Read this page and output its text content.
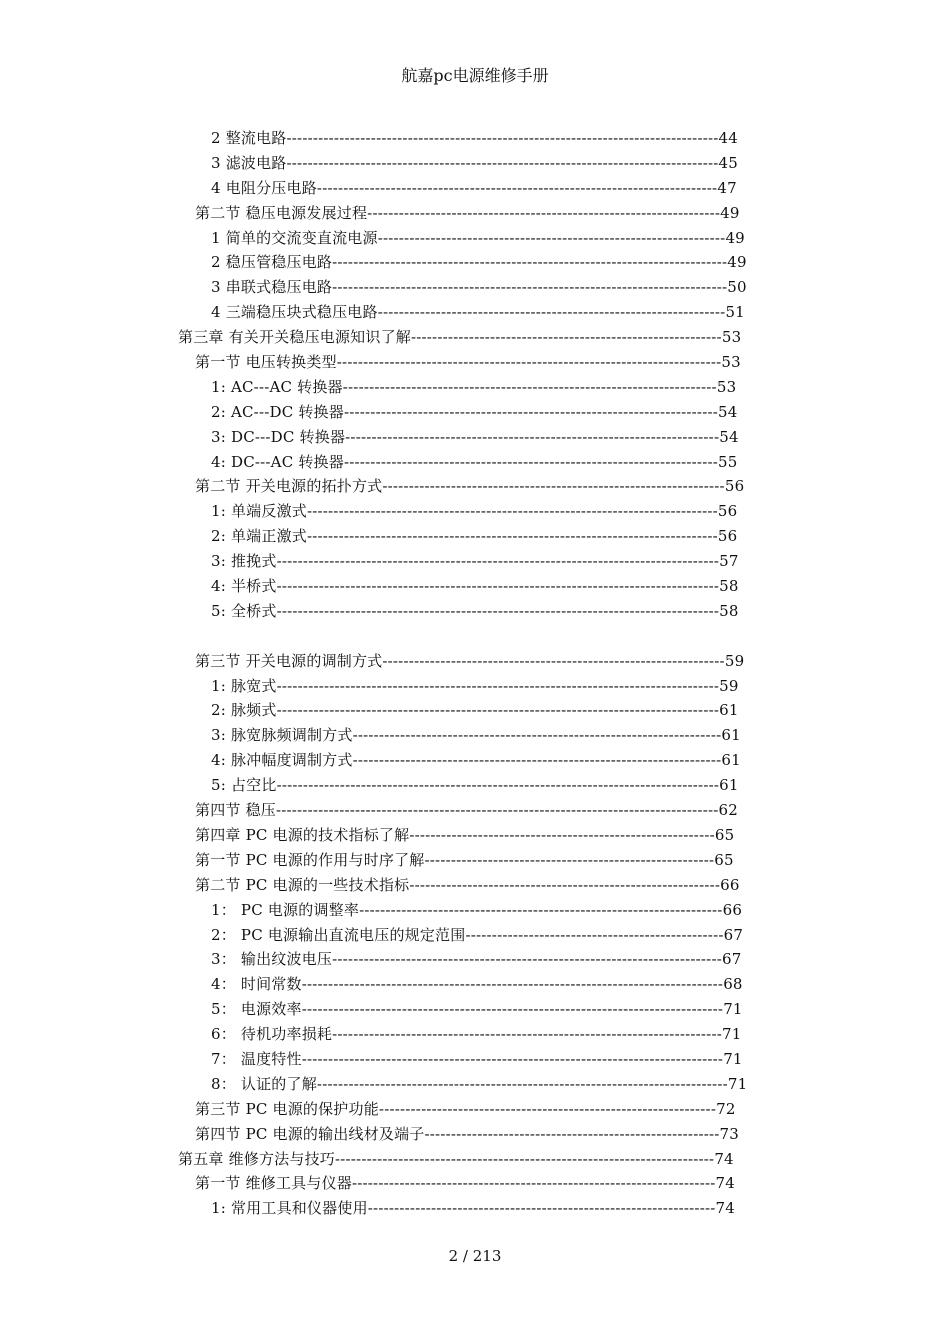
航嘉pc电源维修手册
2 整流电路----------------------------------------------------------------------------------44
3 滤波电路----------------------------------------------------------------------------------45
4 电阻分压电路----------------------------------------------------------------------------47
第二节 稳压电源发展过程-------------------------------------------------------------------49
1 简单的交流变直流电源------------------------------------------------------------------49
2 稳压管稳压电路---------------------------------------------------------------------------49
3 串联式稳压电路---------------------------------------------------------------------------50
4 三端稳压块式稳压电路------------------------------------------------------------------51
第三章 有关开关稳压电源知识了解-----------------------------------------------------------53
第一节 电压转换类型-------------------------------------------------------------------------53
1: AC---AC 转换器-----------------------------------------------------------------------53
2: AC---DC 转换器-----------------------------------------------------------------------54
3: DC---DC 转换器-----------------------------------------------------------------------54
4: DC---AC 转换器-----------------------------------------------------------------------55
第二节 开关电源的拓扑方式-----------------------------------------------------------------56
1: 单端反激式------------------------------------------------------------------------------56
2: 单端正激式------------------------------------------------------------------------------56
3: 推挽式------------------------------------------------------------------------------------57
4: 半桥式------------------------------------------------------------------------------------58
5: 全桥式------------------------------------------------------------------------------------58
第三节 开关电源的调制方式-----------------------------------------------------------------59
1: 脉宽式------------------------------------------------------------------------------------59
2: 脉频式------------------------------------------------------------------------------------61
3: 脉宽脉频调制方式----------------------------------------------------------------------61
4: 脉冲幅度调制方式----------------------------------------------------------------------61
5: 占空比------------------------------------------------------------------------------------61
第四节 稳压------------------------------------------------------------------------------------62
第四章 PC 电源的技术指标了解----------------------------------------------------------65
第一节 PC 电源的作用与时序了解-------------------------------------------------------65
第二节 PC 电源的一些技术指标-----------------------------------------------------------66
1： PC 电源的调整率---------------------------------------------------------------------66
2： PC 电源输出直流电压的规定范围-------------------------------------------------67
3： 输出纹波电压--------------------------------------------------------------------------67
4： 时间常数--------------------------------------------------------------------------------68
5： 电源效率--------------------------------------------------------------------------------71
6： 待机功率损耗--------------------------------------------------------------------------71
7： 温度特性--------------------------------------------------------------------------------71
8： 认证的了解------------------------------------------------------------------------------71
第三节 PC 电源的保护功能----------------------------------------------------------------72
第四节 PC 电源的输出线材及端子--------------------------------------------------------73
第五章 维修方法与技巧------------------------------------------------------------------------74
第一节 维修工具与仪器---------------------------------------------------------------------74
1: 常用工具和仪器使用------------------------------------------------------------------74
2 / 213
